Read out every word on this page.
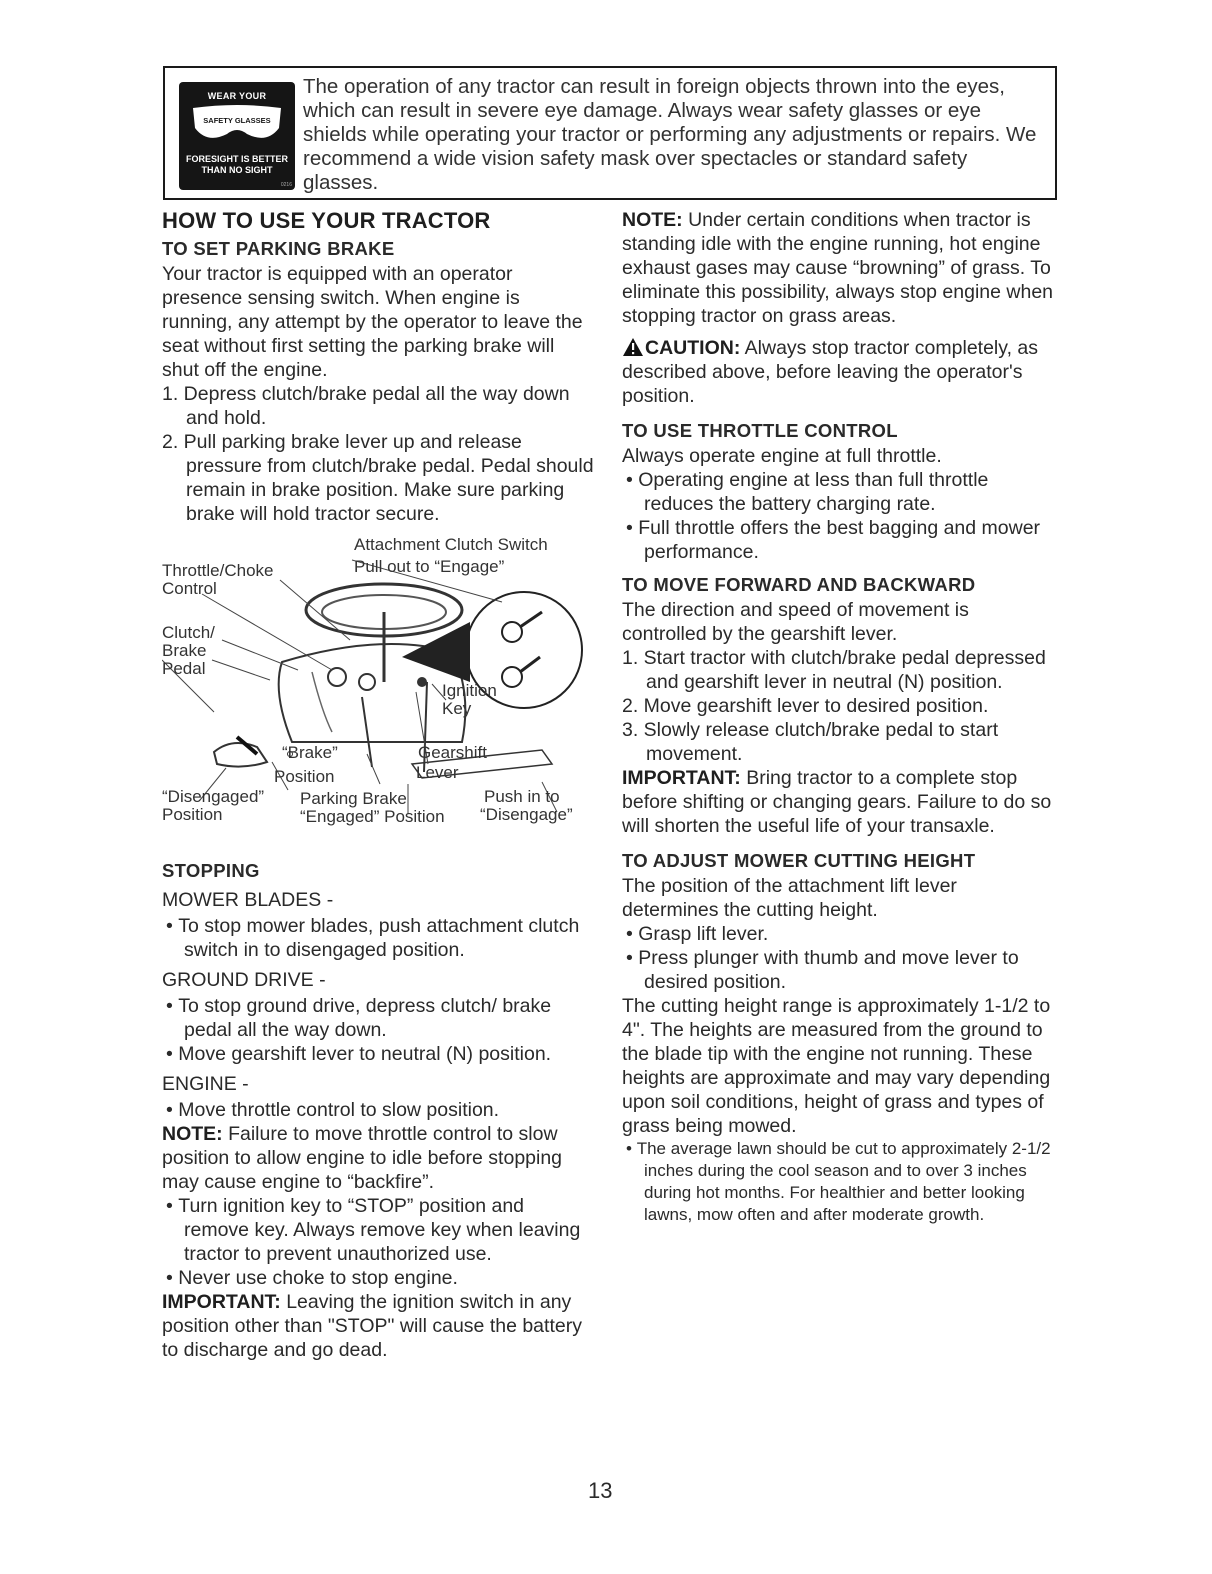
WEAR YOUR
SAFETY GLASSES
FORESIGHT IS BETTER THAN NO SIGHT
0216
The operation of any tractor can result in foreign objects thrown into the eyes, which can result in severe eye damage. Always wear safety glasses or eye shields while operating your tractor or performing any adjustments or repairs. We recommend a wide vision safety mask over spectacles or standard safety glasses.
HOW TO USE YOUR TRACTOR
TO SET PARKING BRAKE

Your tractor is equipped with an operator presence sensing switch. When engine is running, any attempt by the operator to leave the seat without first setting the parking brake will shut off the engine.

1. Depress clutch/brake pedal all the way down and hold.

2. Pull parking brake lever up and release pressure from clutch/brake pedal. Pedal should remain in brake position. Make sure parking brake will hold tractor secure.

Attachment Clutch Switch
Pull out to “Engage”
Throttle/Choke
Control
Clutch/
Brake
Pedal
Ignition
Key
“Brake”
Position
Gearshift
Lever
“Disengaged”
Position
Parking Brake
“Engaged” Position
Push in to
“Disengage”
STOPPING
MOWER BLADES -

• To stop mower blades, push attachment clutch switch in to disengaged position.

GROUND DRIVE -

• To stop ground drive, depress clutch/ brake pedal all the way down.

• Move gearshift lever to neutral (N) position.

ENGINE -

• Move throttle control to slow position.

NOTE: Failure to move throttle control to slow position to allow engine to idle before stopping may cause engine to “backfire”.

• Turn ignition key to “STOP” position and remove key. Always remove key when leaving tractor to prevent unauthorized use.

• Never use choke to stop engine.

IMPORTANT: Leaving the ignition switch in any position other than "STOP" will cause the battery to discharge and go dead.

NOTE: Under certain conditions when tractor is standing idle with the engine running, hot engine exhaust gases may cause “browning” of grass. To eliminate this possibility, always stop engine when stopping tractor on grass areas.

CAUTION: Always stop tractor completely, as described above, before leaving the operator's position.

TO USE THROTTLE CONTROL

Always operate engine at full throttle.

• Operating engine at less than full throttle reduces the battery charging rate.

• Full throttle offers the best bagging and mower performance.

TO MOVE FORWARD AND BACKWARD

The direction and speed of movement is controlled by the gearshift lever.

1. Start tractor with clutch/brake pedal depressed and gearshift lever in neutral (N) position.

2. Move gearshift lever to desired position.

3. Slowly release clutch/brake pedal to start movement.

IMPORTANT: Bring tractor to a complete stop before shifting or changing gears. Failure to do so will shorten the useful life of your transaxle.

TO ADJUST MOWER CUTTING HEIGHT

The position of the attachment lift lever determines the cutting height.

• Grasp lift lever.

• Press plunger with thumb and move lever to desired position.

The cutting height range is approximately 1-1/2 to 4". The heights are measured from the ground to the blade tip with the engine not running. These heights are approximate and may vary depending upon soil conditions, height of grass and types of grass being mowed.

• The average lawn should be cut to approximately 2-1/2 inches during the cool season and to over 3 inches during hot months. For healthier and better looking lawns, mow often and after moderate growth.

13
